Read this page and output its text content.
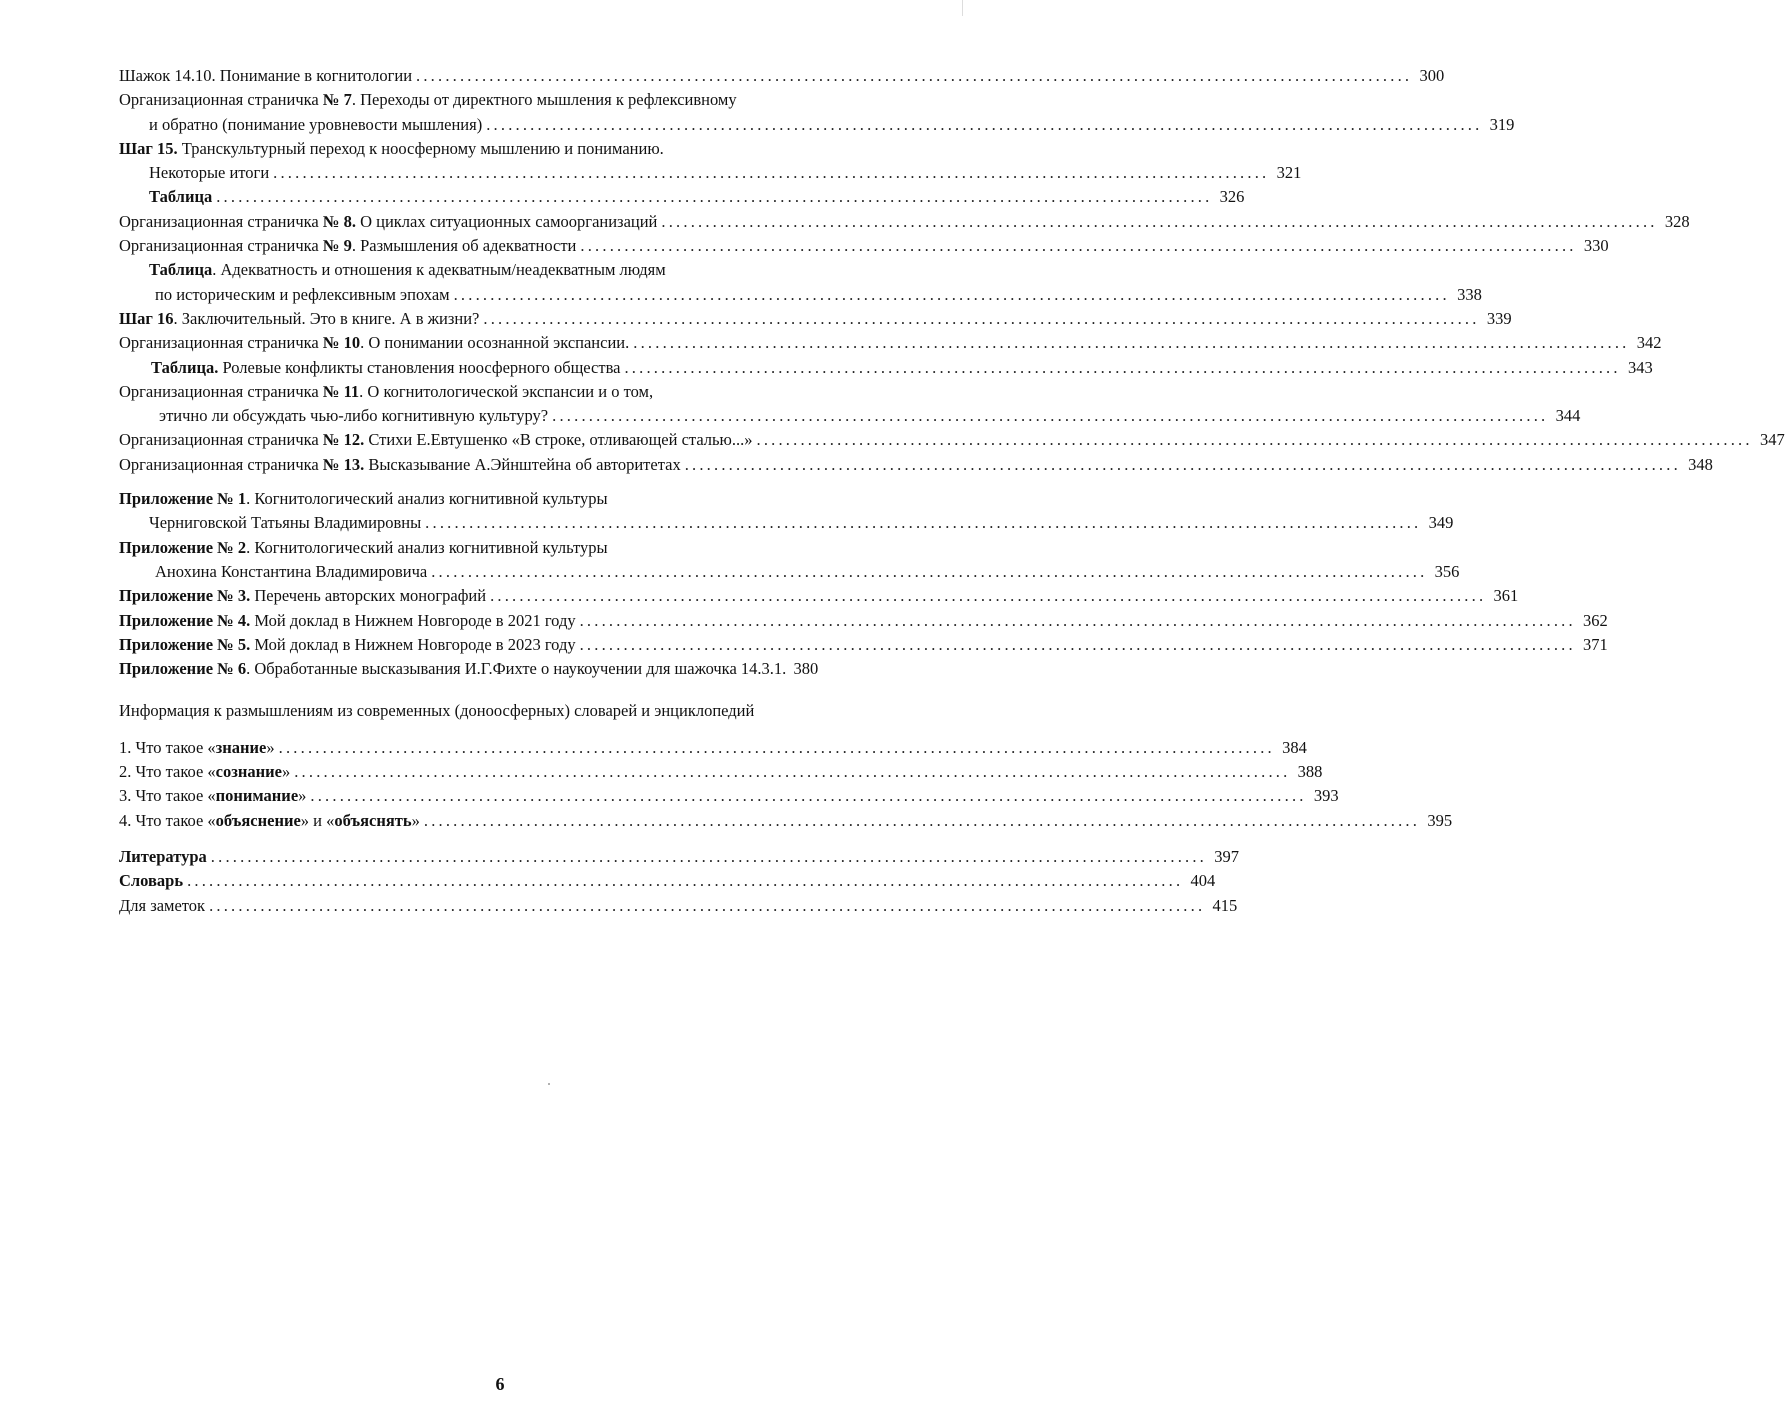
Шажок 14.10. Понимание в когнитологии ........................................................................................................................................ 300
Организационная страничка № 7. Переходы от директного мышления к рефлексивному
и обратно (понимание уровневости мышления) ........................................................................................................................................ 319
Шаг 15. Транскультурный переход к ноосферному мышлению и пониманию.
Некоторые итоги ........................................................................................................................................ 321
Таблица ........................................................................................................................................ 326
Организационная страничка № 8. О циклах ситуационных самоорганизаций ........................................................................................................................................ 328
Организационная страничка № 9. Размышления об адекватности ........................................................................................................................................ 330
Таблица. Адекватность и отношения к адекватным/неадекватным людям
по историческим и рефлексивным эпохам ........................................................................................................................................ 338
Шаг 16. Заключительный. Это в книге. А в жизни? ........................................................................................................................................ 339
Организационная страничка № 10. О понимании осознанной экспансии. ........................................................................................................................................ 342
Таблица. Ролевые конфликты становления ноосферного общества ........................................................................................................................................ 343
Организационная страничка № 11. О когнитологической экспансии и о том,
этично ли обсуждать чью-либо когнитивную культуру? ........................................................................................................................................ 344
Организационная страничка № 12. Стихи Е.Евтушенко «В строке, отливающей сталью...» ........................................................................................................................................ 347
Организационная страничка № 13. Высказывание А.Эйнштейна об авторитетах ........................................................................................................................................ 348
Приложение № 1. Когнитологический анализ когнитивной культуры
Черниговской Татьяны Владимировны ........................................................................................................................................ 349
Приложение № 2. Когнитологический анализ когнитивной культуры
Анохина Константина Владимировича ........................................................................................................................................ 356
Приложение № 3. Перечень авторских монографий ........................................................................................................................................ 361
Приложение № 4. Мой доклад в Нижнем Новгороде в 2021 году ........................................................................................................................................ 362
Приложение № 5. Мой доклад в Нижнем Новгороде в 2023 году ........................................................................................................................................ 371
Приложение № 6. Обработанные высказывания И.Г.Фихте о наукоучении для шажочка 14.3.1. 380
Информация к размышлениям из современных (доноосферных) словарей и энциклопедий
1. Что такое «знание» ........................................................................................................................................ 384
2. Что такое «сознание» ........................................................................................................................................ 388
3. Что такое «понимание» ........................................................................................................................................ 393
4. Что такое «объяснение» и «объяснять» ........................................................................................................................................ 395
Литература ........................................................................................................................................ 397
Словарь ........................................................................................................................................ 404
Для заметок ........................................................................................................................................ 415
6
